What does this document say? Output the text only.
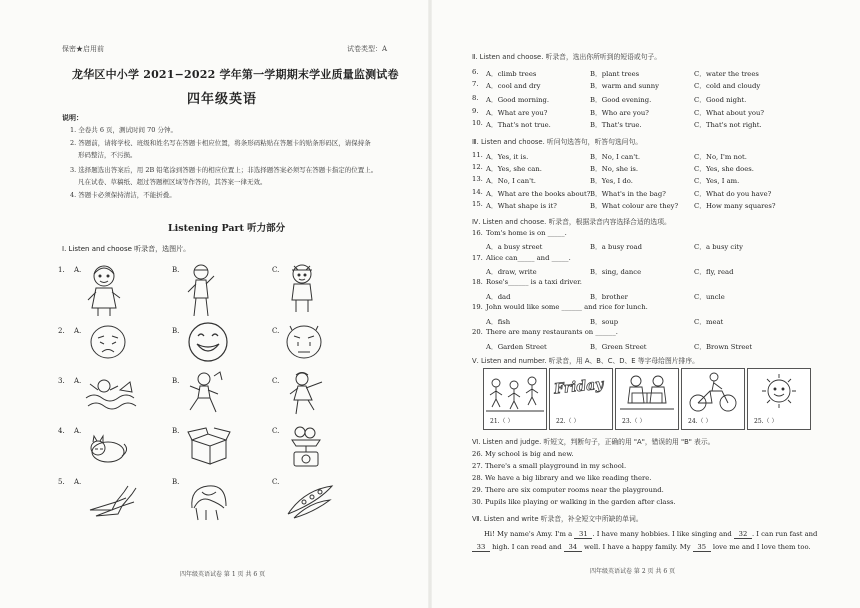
保密★启用前	试卷类型：A
龙华区中小学 2021−2022 学年第一学期期末学业质量监测试卷
四年级英语
说明：
1. 全卷共 6 页，测试时间 70 分钟。
2. 答题前，请将学校、班级和姓名写在答题卡相应位置，将条形码粘贴在答题卡的贴条形码区，请保持条
形码整洁，不污损。
3. 选择题选出答案后，用 2B 铅笔涂到答题卡的相应位置上；非选择题答案必须写在答题卡指定的位置上。
凡在试卷、草稿纸、超过答题框区域等作答的，其答案一律无效。
4. 答题卡必须保持清洁，不能折叠。
Listening Part 听力部分
Ⅰ. Listen and choose 听录音，选图片。
1. A.	B.	C.
2. A.	B.	C.
3. A.	B.	C.
4. A.	B.	C.
5. A.	B.	C.
四年级英语试卷 第 1 页 共 6 页
Ⅱ. Listen and choose. 听录音，选出你所听到的短语或句子。
6. A．climb trees	B．plant trees	C．water the trees
7. A．cool and dry	B．warm and sunny	C．cold and cloudy
8. A．Good morning.	B．Good evening.	C．Good night.
9. A．What are you?	B．Who are you?	C．What about you?
10. A．That's not true.	B．That's true.	C．That's not right.
Ⅲ. Listen and choose. 听问句选答句，听答句选问句。
11. A．Yes, it is.	B．No, I can't.	C．No, I'm not.
12. A．Yes, she can.	B．No, she is.	C．Yes, she does.
13. A．No, I can't.	B．Yes, I do.	C．Yes, I am.
14. A．What are the books about? B．What's in the bag?	C．What do you have?
15. A．What shape is it?	B．What colour are they? C．How many squares?
Ⅳ. Listen and choose. 听录音，根据录音内容选择合适的选项。
16. Tom's home is on _____.
A．a busy street	B．a busy road	C．a busy city
17. Alice can_____ and _____.
A．draw, write	B．sing, dance	C．fly, read
18. Rose's______ is a taxi driver.
A．dad	B．brother	C．uncle
19. John would like some ______ and rice for lunch.
A．fish	B．soup	C．meat
20. There are many restaurants on ______.
A．Garden Street	B．Green Street	C．Brown Street
Ⅴ. Listen and number. 听录音，用 A、B、C、D、E 等字母给图片排序。
21.（ ）
Friday
22.（ ）	23.（ ）	24.（ ）	25.（ ）
Ⅵ. Listen and judge. 听短文，判断句子，正确的用 "A"，错误的用 "B" 表示。
26. My school is big and new.
27. There's a small playground in my school.
28. We have a big library and we like reading there.
29. There are six computer rooms near the playground.
30. Pupils like playing or walking in the garden after class.
Ⅶ. Listen and write 听录音，补全短文中所缺的单词。
Hi! My name's Amy. I'm a 31 . I have many hobbies. I like singing and 32 . I can run fast and
33 high. I can read and 34 well. I have a happy family. My 35 love me and I love them too.
四年级英语试卷 第 2 页 共 6 页
